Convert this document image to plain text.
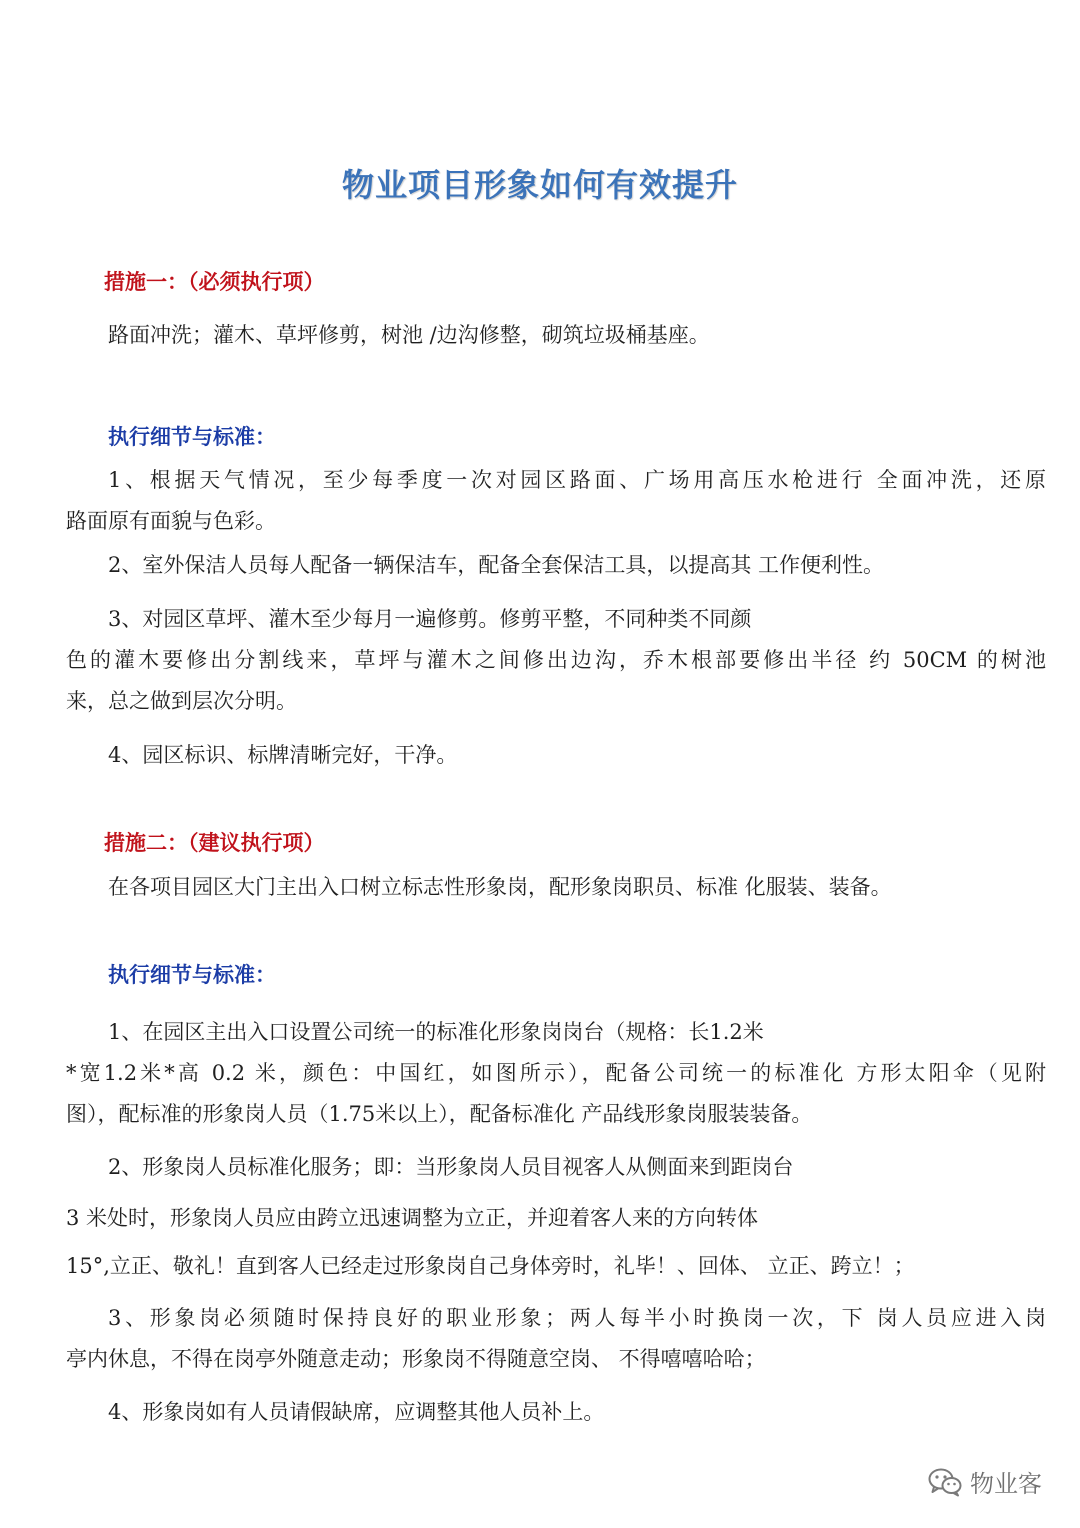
物业项目形象如何有效提升
措施一：（必须执行项）
路面冲洗；灌木、草坪修剪，树池 /边沟修整，砌筑垃圾桶基座。
执行细节与标准：
1、根据天气情况，至少每季度一次对园区路面、广场用高压水枪进行 全面冲洗，还原
路面原有面貌与色彩。
2、室外保洁人员每人配备一辆保洁车，配备全套保洁工具，以提高其 工作便利性。
3、对园区草坪、灌木至少每月一遍修剪。修剪平整，不同种类不同颜
色的灌木要修出分割线来，草坪与灌木之间修出边沟，乔木根部要修出半径 约 50CM 的树池
来，总之做到层次分明。
4、园区标识、标牌清晰完好，干净。
措施二：（建议执行项）
在各项目园区大门主出入口树立标志性形象岗，配形象岗职员、标准 化服装、装备。
执行细节与标准：
1、在园区主出入口设置公司统一的标准化形象岗岗台（规格：长1.2米
*宽1.2米*高 0.2 米，颜色：中国红，如图所示），配备公司统一的标准化 方形太阳伞（见附
图），配标准的形象岗人员（1.75米以上），配备标准化 产品线形象岗服装装备。
2、形象岗人员标准化服务；即：当形象岗人员目视客人从侧面来到距岗台
3 米处时，形象岗人员应由跨立迅速调整为立正，并迎着客人来的方向转体
15°,立正、敬礼！直到客人已经走过形象岗自己身体旁时，礼毕！、回体、 立正、跨立！；
3、形象岗必须随时保持良好的职业形象；两人每半小时换岗一次，下 岗人员应进入岗
亭内休息，不得在岗亭外随意走动；形象岗不得随意空岗、 不得嘻嘻哈哈；
4、形象岗如有人员请假缺席，应调整其他人员补上。
物业客
